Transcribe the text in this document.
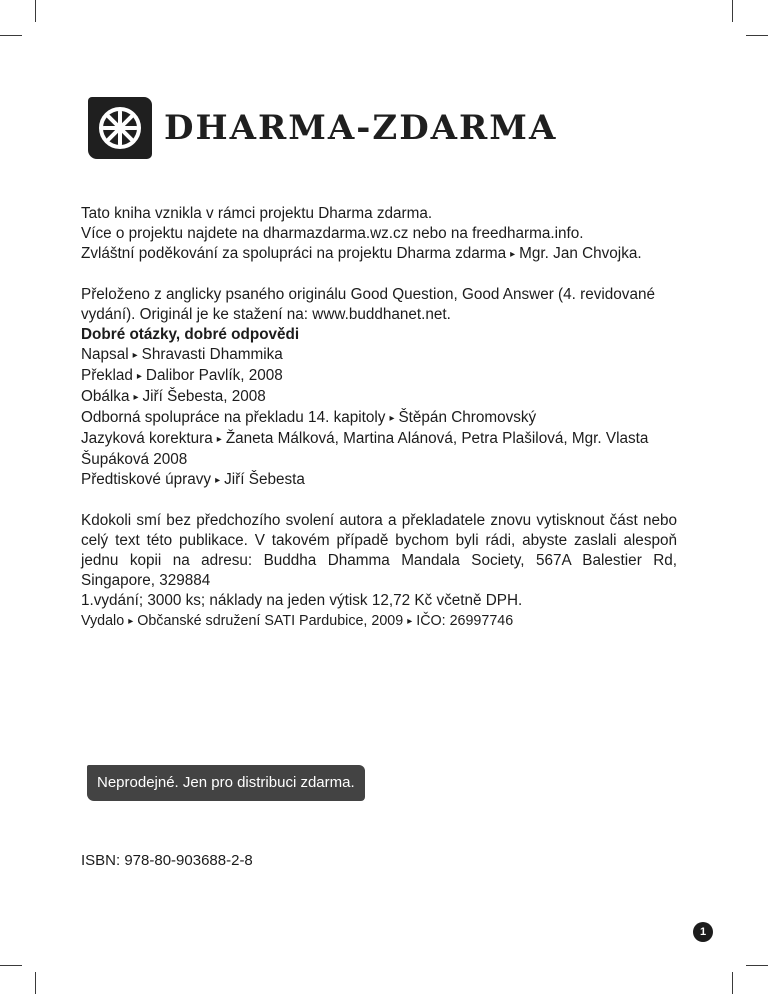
DHARMA-ZDARMA

Tato kniha vznikla v rámci projektu Dharma zdarma.

Více o projektu najdete na dharmazdarma.wz.cz nebo na freedharma.info.

Zvláštní poděkování za spolupráci na projektu Dharma zdarma ▸ Mgr. Jan Chvojka.

Přeloženo z anglicky psaného originálu Good Question, Good Answer (4. revidované vydání). Originál je ke stažení na: www.buddhanet.net.

Dobré otázky, dobré odpovědi

Napsal ▸ Shravasti Dhammika

Překlad ▸ Dalibor Pavlík, 2008

Obálka ▸ Jiří Šebesta, 2008

Odborná spolupráce na překladu 14. kapitoly ▸ Štěpán Chromovský

Jazyková korektura ▸ Žaneta Málková, Martina Alánová, Petra Plašilová, Mgr. Vlasta Šupáková 2008

Předtiskové úpravy ▸ Jiří Šebesta

Kdokoli smí bez předchozího svolení autora a překladatele znovu vytisknout část nebo celý text této publikace. V takovém případě bychom byli rádi, abyste zaslali alespoň jednu kopii na adresu: Buddha Dhamma Mandala Society, 567A Balestier Rd, Singapore, 329884

1.vydání; 3000 ks; náklady na jeden výtisk 12,72 Kč včetně DPH.

Vydalo ▸ Občanské sdružení SATI Pardubice, 2009 ▸ IČO: 26997746

Neprodejné. Jen pro distribuci zdarma.
ISBN: 978-80-903688-2-8
1
